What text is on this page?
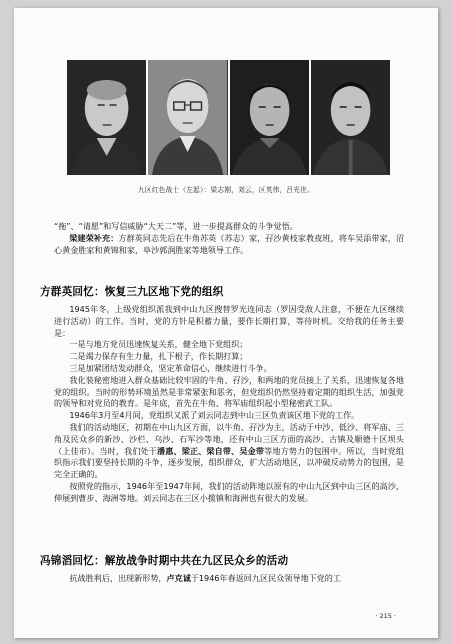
九区红色战士（左起）：梁志刚，刘云，区英伟，吕光世。

“拖”、“请愿”和写信威胁“大天二”等，进一步提高群众的斗争觉悟。

梁建荣补充：方群英同志先后在牛角苏英（苏志）家，孖沙黄枝家教夜班，将车吴添带家，沼心黄金胜家和黄锦和家，阜沙郭润胜家等地领导工作。

方群英回忆：恢复三九区地下党的组织

1945年冬，上级党组织派我到中山九区搜替罗光连同志（罗因受敌人注意，不便在九区继续进行活动）的工作。当时，党的方针是积蓄力量，要作长期打算，等待时机。交给我的任务主要是：

一是与地方党员迅速恢复关系，健全地下党组织；

二是竭力保存有生力量，扎下根子，作长期打算；

三是加紧团结发动群众，坚定革命信心，继续进行斗争。

我化装秘密地进入群众基础比较牢固的牛角、孖沙，和两地的党员接上了关系，迅速恢复各地党的组织。当时的形势环境虽然是非常紧张和恶劣，但党组织仍然坚持着定期的组织生活，加强党的领导和对党员的教育。是年底，首先在牛角、将军庙组织起小型秘密武工队。

1946年3月至4月间，党组织又派了刘云同志到中山三区负责该区地下党的工作。

我们的活动地区，初期在中山九区方面，以牛角、孖沙为主，活动于中沙、低沙、将军庙、三角及民众乡的新沙、沙栏、乌沙、石军沙等地，还有中山三区方面的高沙、古镇及顺德十区坝头（上佳市）。当时，我们处于潘惠、梁正、梁自带、吴金带等地方势力的包围中。所以，当时党组织指示我们要坚持长期的斗争，逐步发展，组织群众，扩大活动地区，以冲破反动势力的包围，是完全正确的。

按照党的指示，1946年至1947年间，我们的活动阵地以原有的中山九区到中山三区的高沙，伸展到曹步、海洲等地。刘云同志在三区小揽镇和海洲也有很大的发展。

冯锦滔回忆：解放战争时期中共在九区民众乡的活动

抗战胜利后，出现新形势，卢克诚于1946年春返回九区民众领导地下党的工

· 215 ·
